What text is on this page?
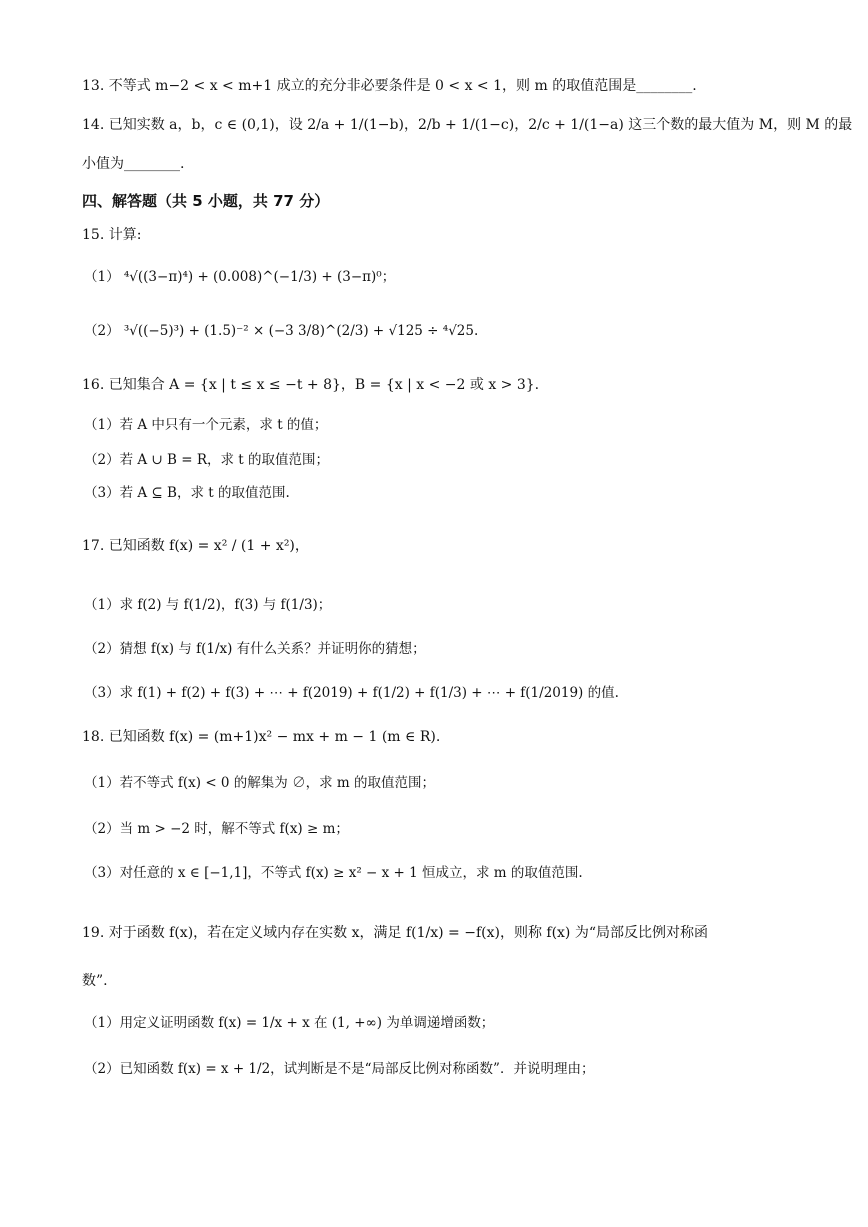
13. 不等式 m−2 < x < m+1 成立的充分非必要条件是 0 < x < 1，则 m 的取值范围是________.
14. 已知实数 a，b，c ∈ (0,1)，设 2/a + 1/(1−b)，2/b + 1/(1−c)，2/c + 1/(1−a) 这三个数的最大值为 M，则 M 的最
小值为________.
四、解答题（共 5 小题，共 77 分）
15. 计算:
（1） ⁴√((3−π)⁴) + (0.008)^(−1/3) + (3−π)⁰；
（2） ³√((−5)³) + (1.5)⁻² × (−3 3/8)^(2/3) + √125 ÷ ⁴√25.
16. 已知集合 A = {x | t ≤ x ≤ −t + 8}，B = {x | x < −2 或 x > 3}.
（1）若 A 中只有一个元素，求 t 的值；
（2）若 A ∪ B = R，求 t 的取值范围；
（3）若 A ⊆ B，求 t 的取值范围.
17. 已知函数 f(x) = x² / (1 + x²)，
（1）求 f(2) 与 f(1/2)，f(3) 与 f(1/3)；
（2）猜想 f(x) 与 f(1/x) 有什么关系？并证明你的猜想；
（3）求 f(1) + f(2) + f(3) + ⋯ + f(2019) + f(1/2) + f(1/3) + ⋯ + f(1/2019) 的值.
18. 已知函数 f(x) = (m+1)x² − mx + m − 1 (m ∈ R).
（1）若不等式 f(x) < 0 的解集为 ∅，求 m 的取值范围；
（2）当 m > −2 时，解不等式 f(x) ≥ m；
（3）对任意的 x ∈ [−1,1]，不等式 f(x) ≥ x² − x + 1 恒成立，求 m 的取值范围.
19. 对于函数 f(x)，若在定义域内存在实数 x，满足 f(1/x) = −f(x)，则称 f(x) 为“局部反比例对称函
数”.
（1）用定义证明函数 f(x) = 1/x + x 在 (1, +∞) 为单调递增函数；
（2）已知函数 f(x) = x + 1/2，试判断是不是“局部反比例对称函数”．并说明理由；
